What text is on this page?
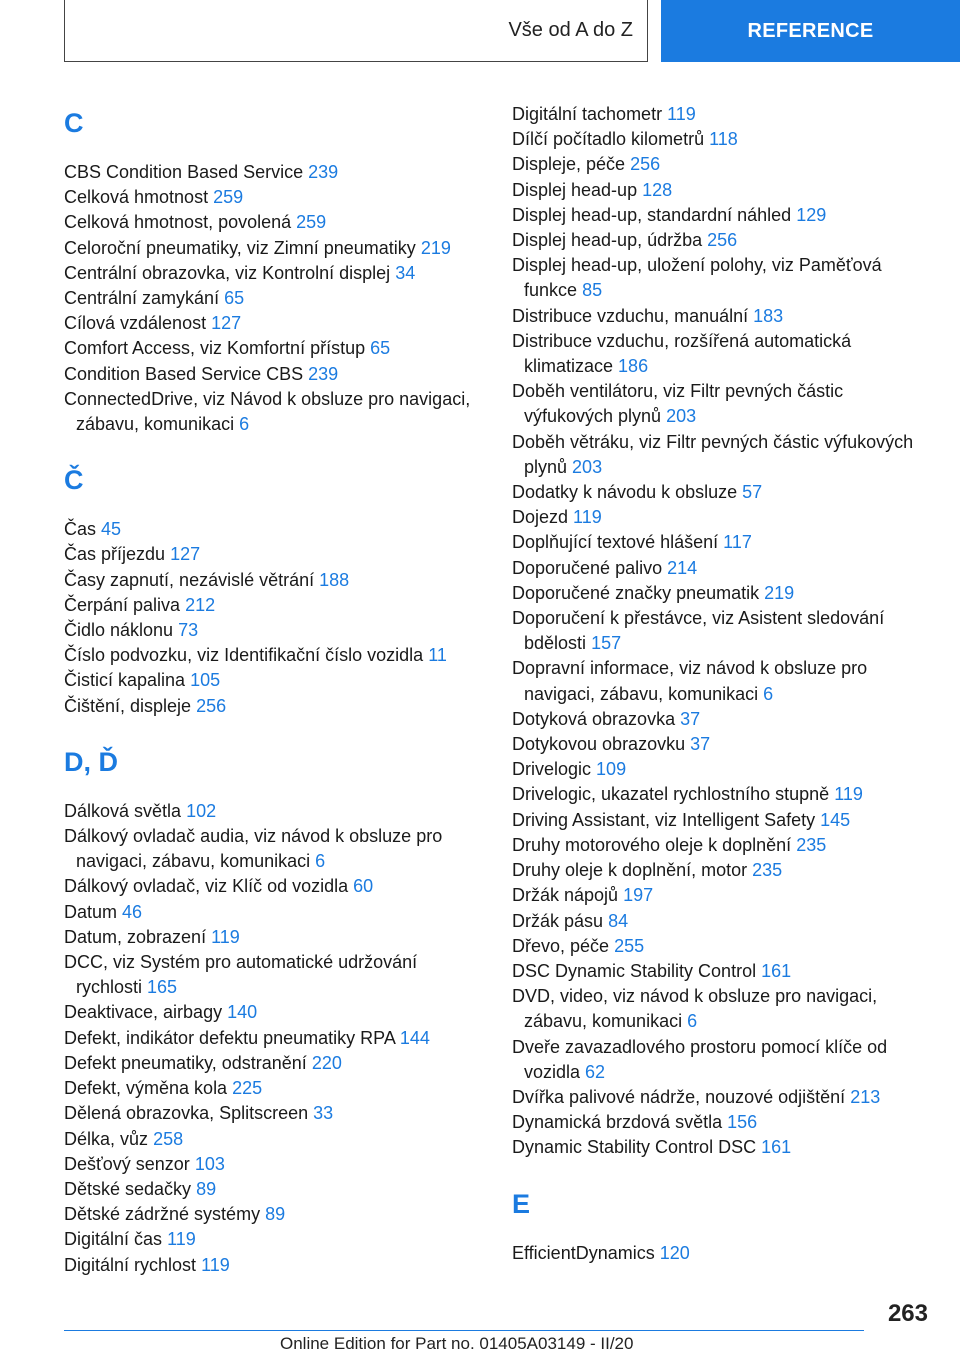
Vše od A do Z	REFERENCE
C
CBS Condition Based Service 239
Celková hmotnost 259
Celková hmotnost, povolená 259
Celoroční pneumatiky, viz Zimní pneumatiky 219
Centrální obrazovka, viz Kontrolní displej 34
Centrální zamykání 65
Cílová vzdálenost 127
Comfort Access, viz Komfortní přístup 65
Condition Based Service CBS 239
ConnectedDrive, viz Návod k obsluze pro navigaci, zábavu, komunikaci 6
Č
Čas 45
Čas příjezdu 127
Časy zapnutí, nezávislé větrání 188
Čerpání paliva 212
Čidlo náklonu 73
Číslo podvozku, viz Identifikační číslo vozidla 11
Čisticí kapalina 105
Čištění, displeje 256
D, Ď
Dálková světla 102
Dálkový ovladač audia, viz návod k obsluze pro navigaci, zábavu, komunikaci 6
Dálkový ovladač, viz Klíč od vozidla 60
Datum 46
Datum, zobrazení 119
DCC, viz Systém pro automatické udržování rychlosti 165
Deaktivace, airbagy 140
Defekt, indikátor defektu pneumatiky RPA 144
Defekt pneumatiky, odstranění 220
Defekt, výměna kola 225
Dělená obrazovka, Splitscreen 33
Délka, vůz 258
Dešťový senzor 103
Dětské sedačky 89
Dětské zádržné systémy 89
Digitální čas 119
Digitální rychlost 119
Digitální tachometr 119
Dílčí počítadlo kilometrů 118
Displeje, péče 256
Displej head-up 128
Displej head-up, standardní náhled 129
Displej head-up, údržba 256
Displej head-up, uložení polohy, viz Paměťová funkce 85
Distribuce vzduchu, manuální 183
Distribuce vzduchu, rozšířená automatická klimatizace 186
Doběh ventilátoru, viz Filtr pevných částic výfukových plynů 203
Doběh větráku, viz Filtr pevných částic výfukových plynů 203
Dodatky k návodu k obsluze 57
Dojezd 119
Doplňující textové hlášení 117
Doporučené palivo 214
Doporučené značky pneumatik 219
Doporučení k přestávce, viz Asistent sledování bdělosti 157
Dopravní informace, viz návod k obsluze pro navigaci, zábavu, komunikaci 6
Dotyková obrazovka 37
Dotykovou obrazovku 37
Drivelogic 109
Drivelogic, ukazatel rychlostního stupně 119
Driving Assistant, viz Intelligent Safety 145
Druhy motorového oleje k doplnění 235
Druhy oleje k doplnění, motor 235
Držák nápojů 197
Držák pásu 84
Dřevo, péče 255
DSC Dynamic Stability Control 161
DVD, video, viz návod k obsluze pro navigaci, zábavu, komunikaci 6
Dveře zavazadlového prostoru pomocí klíče od vozidla 62
Dvířka palivové nádrže, nouzové odjištění 213
Dynamická brzdová světla 156
Dynamic Stability Control DSC 161
E
EfficientDynamics 120
263
Online Edition for Part no. 01405A03149 - II/20
